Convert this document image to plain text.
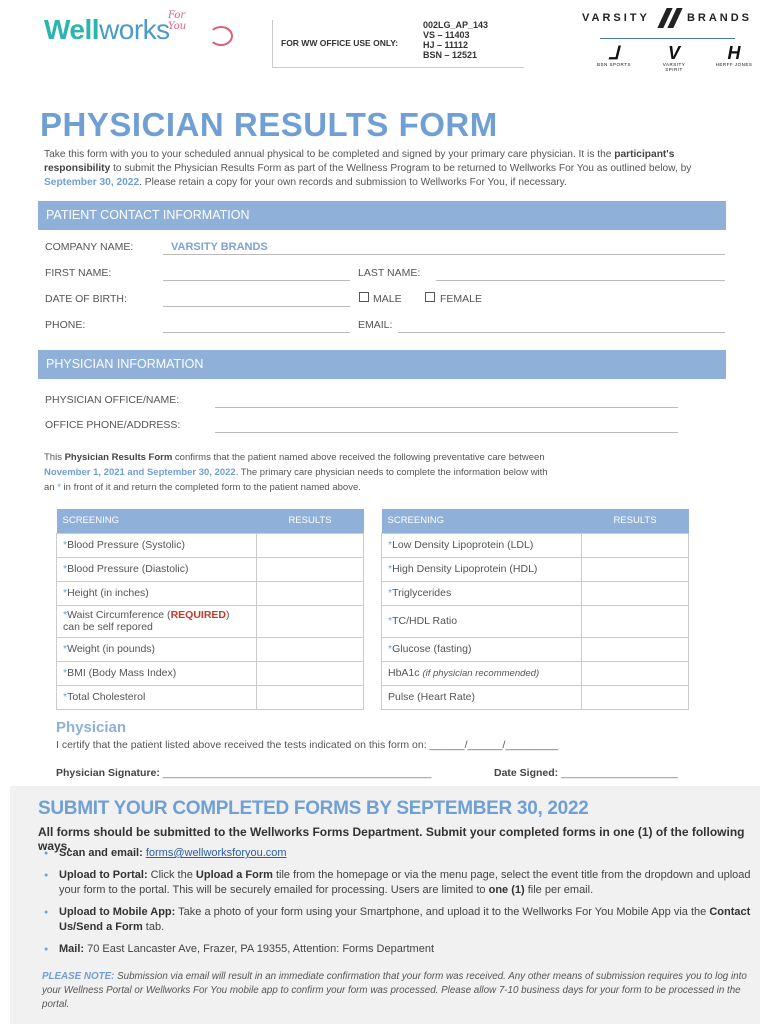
Wellworks
For You
FOR WW OFFICE USE ONLY:
002LG_AP_143
VS – 11403
HJ – 11112
BSN – 12521
VARSITY	BRANDS
⅃
BSN SPORTS
V
VARSITY SPIRIT
H
HERFF JONES
PHYSICIAN RESULTS FORM
Take this form with you to your scheduled annual physical to be completed and signed by your primary care physician. It is the participant's responsibility to submit the Physician Results Form as part of the Wellness Program to be returned to Wellworks For You as outlined below, by September 30, 2022. Please retain a copy for your own records and submission to Wellworks For You, if necessary.
PATIENT CONTACT INFORMATION
COMPANY NAME:	VARSITY BRANDS
FIRST NAME:	LAST NAME:
DATE OF BIRTH:	MALE	FEMALE
PHONE:	EMAIL:
PHYSICIAN INFORMATION
PHYSICIAN OFFICE/NAME:
OFFICE PHONE/ADDRESS:
This Physician Results Form confirms that the patient named above received the following preventative care between
November 1, 2021 and September 30, 2022. The primary care physician needs to complete the information below with
an * in front of it and return the completed form to the patient named above.
SCREENING	RESULTS
*Blood Pressure (Systolic)	
*Blood Pressure (Diastolic)	
*Height (in inches)	
*Waist Circumference (REQUIRED)
can be self repored	
*Weight (in pounds)	
*BMI (Body Mass Index)	
*Total Cholesterol	
SCREENING	RESULTS
*Low Density Lipoprotein (LDL)	
*High Density Lipoprotein (HDL)	
*Triglycerides	
*TC/HDL Ratio	
*Glucose (fasting)	
HbA1c (if physician recommended)	
Pulse (Heart Rate)	
Physician
I certify that the patient listed above received the tests indicated on this form on: ______/______/_________
Physician Signature: ______________________________________________	Date Signed: ____________________
SUBMIT YOUR COMPLETED FORMS BY SEPTEMBER 30, 2022
All forms should be submitted to the Wellworks Forms Department. Submit your completed forms in one (1) of the following ways.
● Scan and email: forms@wellworksforyou.com
● Upload to Portal: Click the Upload a Form tile from the homepage or via the menu page, select the event title from the dropdown and upload your form to the portal. This will be securely emailed for processing. Users are limited to one (1) file per email.
● Upload to Mobile App: Take a photo of your form using your Smartphone, and upload it to the Wellworks For You Mobile App via the Contact Us/Send a Form tab.
● Mail: 70 East Lancaster Ave, Frazer, PA 19355, Attention: Forms Department
PLEASE NOTE: Submission via email will result in an immediate confirmation that your form was received. Any other means of submission requires you to log into your Wellness Portal or Wellworks For You mobile app to confirm your form was processed. Please allow 7-10 business days for your form to be processed in the portal.
